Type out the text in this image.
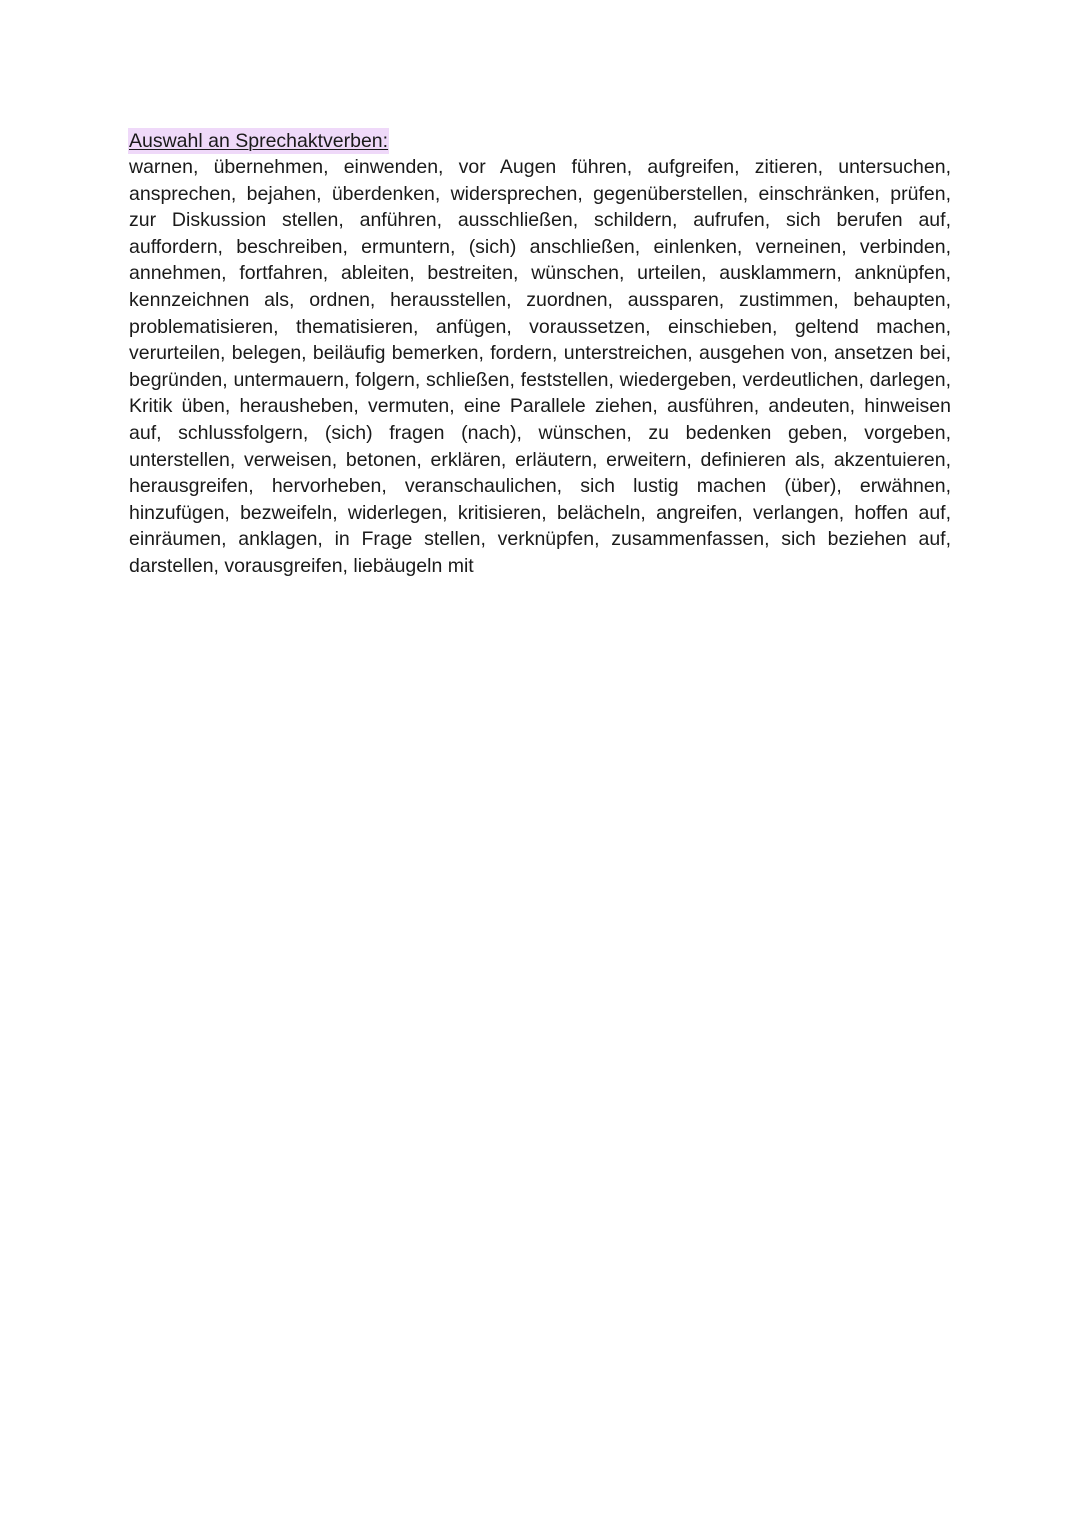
Auswahl an Sprechaktverben:

warnen, übernehmen, einwenden, vor Augen führen, aufgreifen, zitieren, untersuchen, ansprechen, bejahen, überdenken, widersprechen, gegenüberstellen, einschränken, prüfen, zur Diskussion stellen, anführen, ausschließen, schildern, aufrufen, sich berufen auf, auffordern, beschreiben, ermuntern, (sich) anschließen, einlenken, verneinen, verbinden, annehmen, fortfahren, ableiten, bestreiten, wünschen, urteilen, ausklammern, anknüpfen, kennzeichnen als, ordnen, herausstellen, zuordnen, aussparen, zustimmen, behaupten, problematisieren, thematisieren, anfügen, voraussetzen, einschieben, geltend machen, verurteilen, belegen, beiläufig bemerken, fordern, unterstreichen, ausgehen von, ansetzen bei, begründen, untermauern, folgern, schließen, feststellen, wiedergeben, verdeutlichen, darlegen, Kritik üben, herausheben, vermuten, eine Parallele ziehen, ausführen, andeuten, hinweisen auf, schlussfolgern, (sich) fragen (nach), wünschen, zu bedenken geben, vorgeben, unterstellen, verweisen, betonen, erklären, erläutern, erweitern, definieren als, akzentuieren, herausgreifen, hervorheben, veranschaulichen, sich lustig machen (über), erwähnen, hinzufügen, bezweifeln, widerlegen, kritisieren, belächeln, angreifen, verlangen, hoffen auf, einräumen, anklagen, in Frage stellen, verknüpfen, zusammenfassen, sich beziehen auf, darstellen, vorausgreifen, liebäugeln mit
